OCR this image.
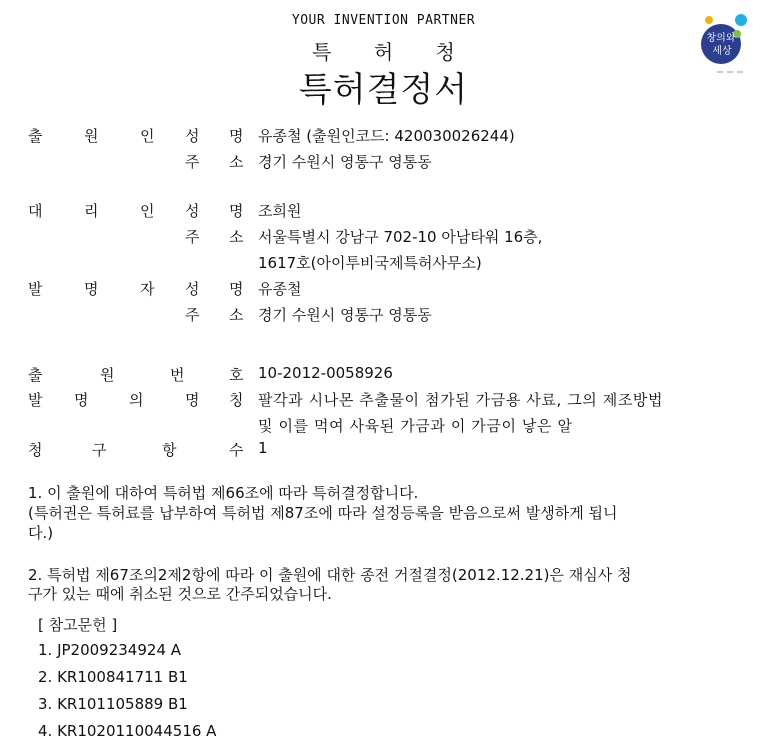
YOUR INVENTION PARTNER
특 허 청
특허결정서
창의와
세상
출	원	인 성 명 유종철 (출원인코드: 420030026244)
주 소 경기 수원시 영통구 영통동
대	리	인 성 명 조희원
주 소 서울특별시 강남구 702-10 아남타워 16층,
1617호(아이투비국제특허사무소)
발	명	자 성 명 유종철
주 소 경기 수원시 영통구 영통동
출	원	번	호 10-2012-0058926
발 명	의	명 칭 팔각과 시나몬 추출물이 첨가된 가금용 사료, 그의 제조방법
및 이를 먹여 사육된 가금과 이 가금이 낳은 알
청	구	항	수 1
1. 이 출원에 대하여 특허법 제66조에 따라 특허결정합니다.
(특허권은 특허료를 납부하여 특허법 제87조에 따라 설정등록을 받음으로써 발생하게 됩니
다.)
2. 특허법 제67조의2제2항에 따라 이 출원에 대한 종전 거절결정(2012.12.21)은 재심사 청
구가 있는 때에 취소된 것으로 간주되었습니다.
[ 참고문헌 ]
1. JP2009234924 A
2. KR100841711 B1
3. KR101105889 B1
4. KR1020110044516 A
